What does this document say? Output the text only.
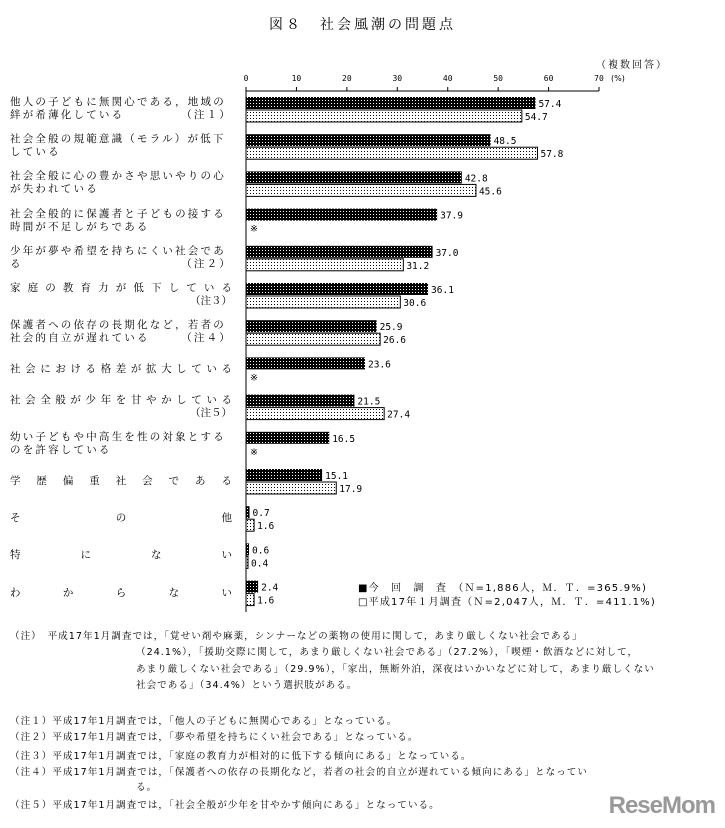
図８　社会風潮の問題点
（複数回答）
他人の子どもに無関心である，地域の
絆が希薄化している	（注１）
社会全般の規範意識（モラル）が低下
している
社会全般に心の豊かさや思いやりの心
が失われている
社会全般的に保護者と子どもの接する
時間が不足しがちである
少年が夢や希望を持ちにくい社会であ
る	（注２）
家庭の教育力が低下している
（注３）
保護者への依存の長期化など，若者の
社会的自立が遅れている	（注４）
社会における格差が拡大している
社会全般が少年を甘やかしている
（注５）
幼い子どもや中高生を性の対象とする
のを許容している
学歴偏重社会である
その他
特にない
わからない
0	10	20	30	40	50	60	70 (%)
57.4
54.7
48.5
57.8
42.8
45.6
37.9
※
37.0
31.2
36.1
30.6
25.9
26.6
23.6
※
21.5
27.4
16.5
※
15.1
17.9
0.7
1.6
0.6
0.4
2.4
1.6
■今　回　調　査　（Ｎ=1,886人，Ｍ．Ｔ．=365.9%)
□平成17年１月調査（Ｎ=2,047人，Ｍ．Ｔ．=411.1%)
（注）　平成17年1月調査では，「覚せい剤や麻薬，シンナーなどの薬物の使用に関して，あまり厳しくない社会である」
（24.1%），「援助交際に関して，あまり厳しくない社会である」（27.2%），「喫煙・飲酒などに対して，
あまり厳しくない社会である」（29.9%），「家出，無断外泊，深夜はいかいなどに対して，あまり厳しくない
社会である」（34.4%）という選択肢がある。
（注１）平成17年1月調査では，「他人の子どもに無関心である」となっている。
（注２）平成17年1月調査では，「夢や希望を持ちにくい社会である」となっている。
（注３）平成17年1月調査では，「家庭の教育力が相対的に低下する傾向にある」となっている。
（注４）平成17年1月調査では，「保護者への依存の長期化など，若者の社会的自立が遅れている傾向にある」となってい
る。
（注５）平成17年1月調査では，「社会全般が少年を甘やかす傾向にある」となっている。	ReseMom
